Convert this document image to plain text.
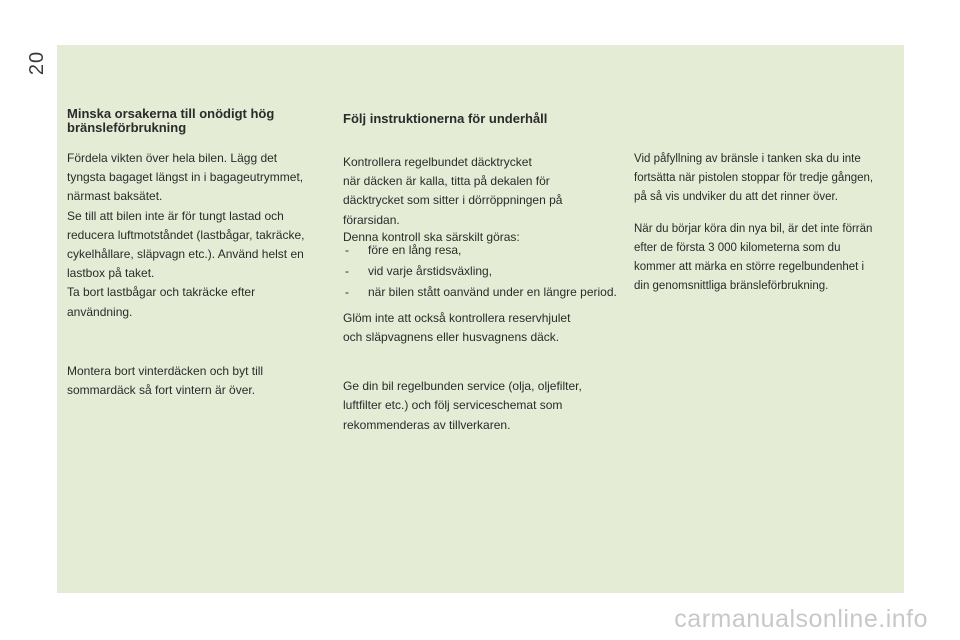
20
Minska orsakerna till onödigt hög bränsleförbrukning

Fördela vikten över hela bilen. Lägg det
tyngsta bagaget längst in i bagageutrymmet,
närmast baksätet.
Se till att bilen inte är för tungt lastad och
reducera luftmotståndet (lastbågar, takräcke,
cykelhållare, släpvagn etc.). Använd helst en
lastbox på taket.
Ta bort lastbågar och takräcke efter
användning.

Montera bort vinterdäcken och byt till
sommardäck så fort vintern är över.

Följ instruktionerna för underhåll

Kontrollera regelbundet däcktrycket
när däcken är kalla, titta på dekalen för
däcktrycket som sitter i dörröppningen på
förarsidan.

Denna kontroll ska särskilt göras:

- före en lång resa,
- vid varje årstidsväxling,
- när bilen stått oanvänd under en längre period.

Glöm inte att också kontrollera reservhjulet
och släpvagnens eller husvagnens däck.

Ge din bil regelbunden service (olja, oljefilter,
luftfilter etc.) och följ serviceschemat som
rekommenderas av tillverkaren.

Vid påfyllning av bränsle i tanken ska du inte
fortsätta när pistolen stoppar för tredje gången,
på så vis undviker du att det rinner över.

När du börjar köra din nya bil, är det inte förrän
efter de första 3 000 kilometerna som du
kommer att märka en större regelbundenhet i
din genomsnittliga bränsleförbrukning.

carmanualsonline.info
